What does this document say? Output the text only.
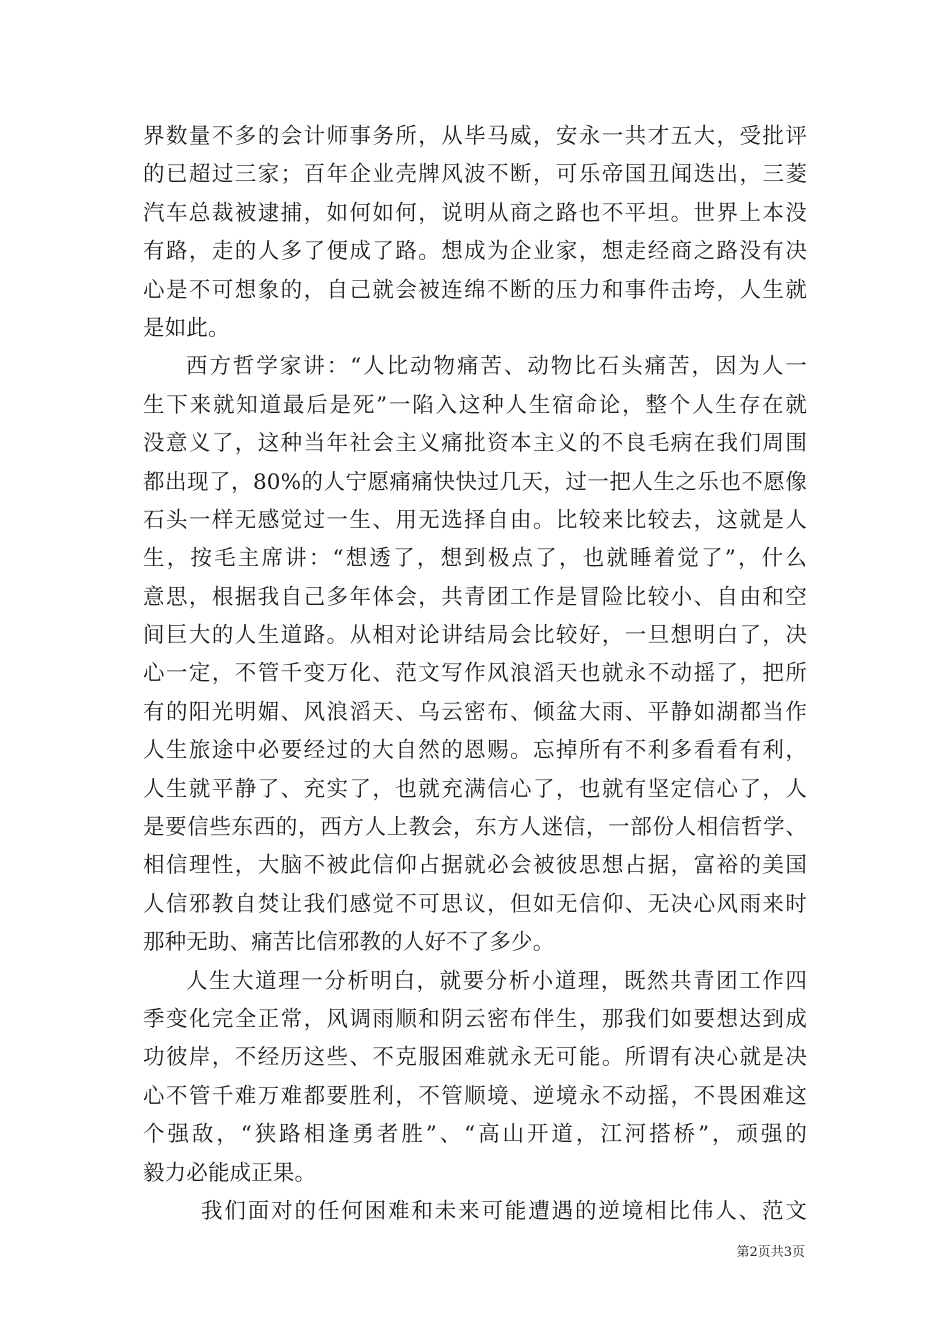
界数量不多的会计师事务所，从毕马威，安永一共才五大，受批评
的已超过三家；百年企业壳牌风波不断，可乐帝国丑闻迭出，三菱
汽车总裁被逮捕，如何如何，说明从商之路也不平坦。世界上本没
有路，走的人多了便成了路。想成为企业家，想走经商之路没有决
心是不可想象的，自己就会被连绵不断的压力和事件击垮，人生就
是如此。
西方哲学家讲：“人比动物痛苦、动物比石头痛苦，因为人一
生下来就知道最后是死”一陷入这种人生宿命论，整个人生存在就
没意义了，这种当年社会主义痛批资本主义的不良毛病在我们周围
都出现了，80%的人宁愿痛痛快快过几天，过一把人生之乐也不愿像
石头一样无感觉过一生、用无选择自由。比较来比较去，这就是人
生，按毛主席讲：“想透了，想到极点了，也就睡着觉了”，什么
意思，根据我自己多年体会，共青团工作是冒险比较小、自由和空
间巨大的人生道路。从相对论讲结局会比较好，一旦想明白了，决
心一定，不管千变万化、范文写作风浪滔天也就永不动摇了，把所
有的阳光明媚、风浪滔天、乌云密布、倾盆大雨、平静如湖都当作
人生旅途中必要经过的大自然的恩赐。忘掉所有不利多看看有利，
人生就平静了、充实了，也就充满信心了，也就有坚定信心了，人
是要信些东西的，西方人上教会，东方人迷信，一部份人相信哲学、
相信理性，大脑不被此信仰占据就必会被彼思想占据，富裕的美国
人信邪教自焚让我们感觉不可思议，但如无信仰、无决心风雨来时
那种无助、痛苦比信邪教的人好不了多少。
人生大道理一分析明白，就要分析小道理，既然共青团工作四
季变化完全正常，风调雨顺和阴云密布伴生，那我们如要想达到成
功彼岸，不经历这些、不克服困难就永无可能。所谓有决心就是决
心不管千难万难都要胜利，不管顺境、逆境永不动摇，不畏困难这
个强敌，“狭路相逢勇者胜”、“高山开道，江河搭桥”，顽强的
毅力必能成正果。
我们面对的任何困难和未来可能遭遇的逆境相比伟人、范文
第2页共3页
